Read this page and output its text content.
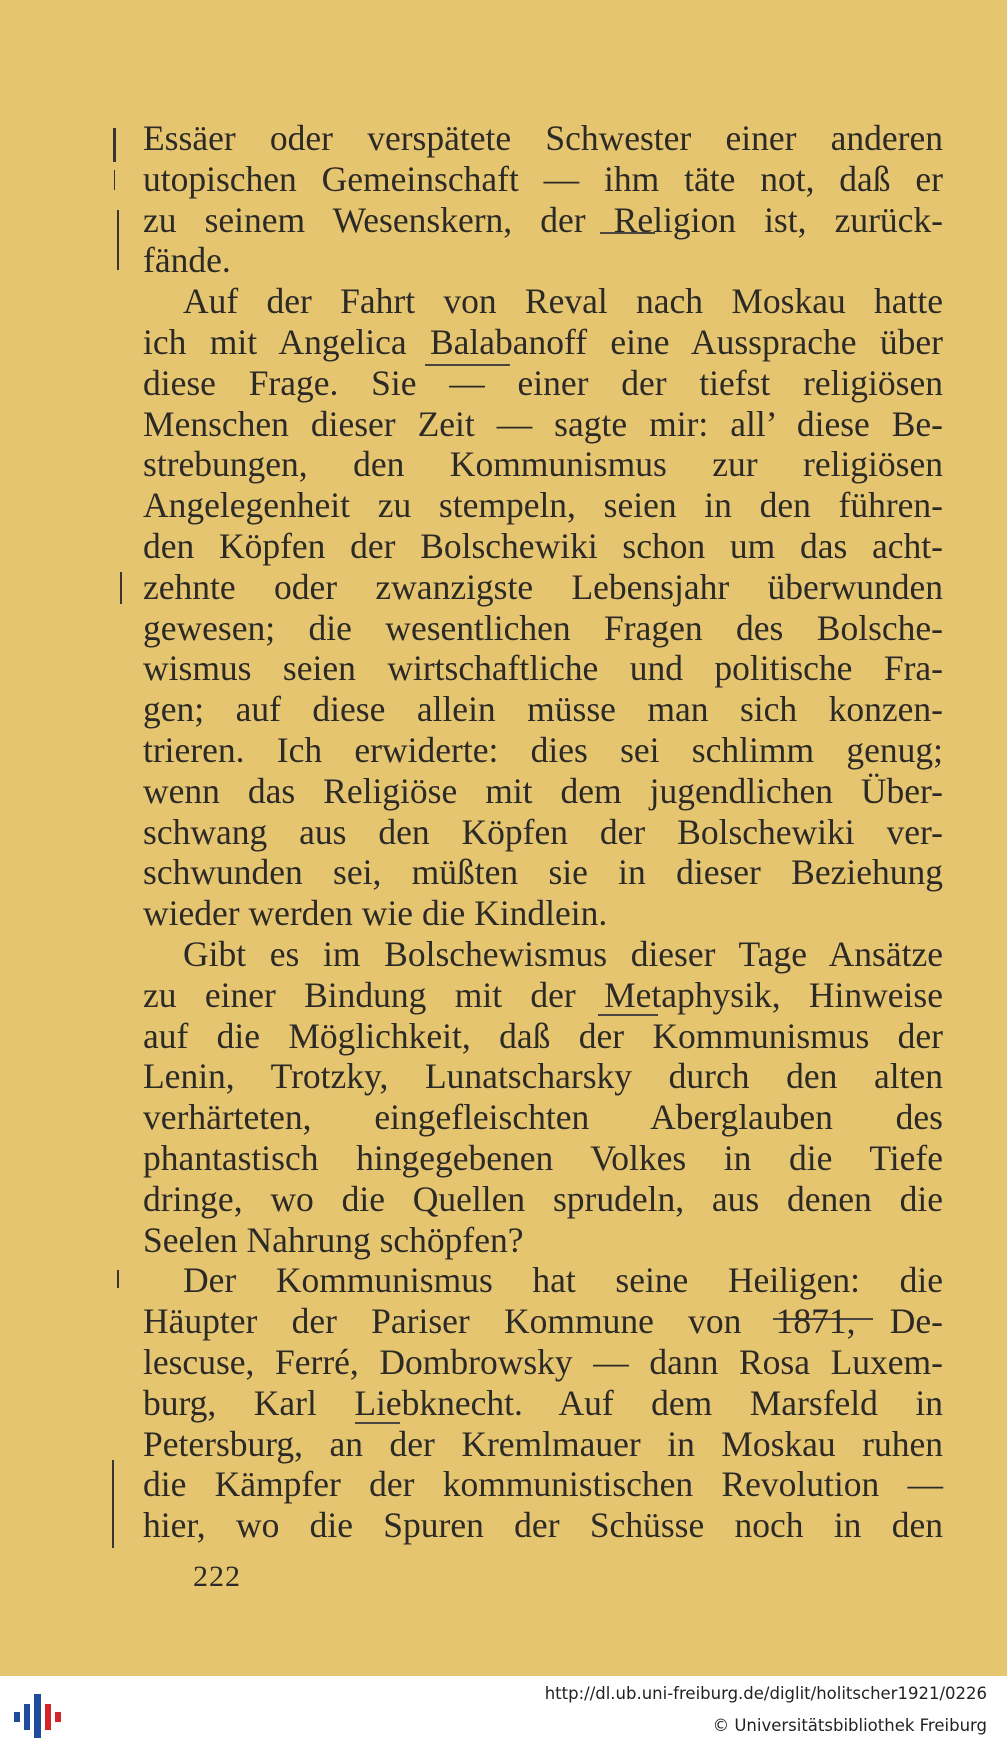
Essäer oder verspätete Schwester einer anderen
utopischen Gemeinschaft — ihm täte not, daß er
zu seinem Wesenskern, der Religion ist, zurück-
fände.
Auf der Fahrt von Reval nach Moskau hatte
ich mit Angelica Balabanoff eine Aussprache über
diese Frage. Sie — einer der tiefst religiösen
Menschen dieser Zeit — sagte mir: all’ diese Be-
strebungen, den Kommunismus zur religiösen
Angelegenheit zu stempeln, seien in den führen-
den Köpfen der Bolschewiki schon um das acht-
zehnte oder zwanzigste Lebensjahr überwunden
gewesen; die wesentlichen Fragen des Bolsche-
wismus seien wirtschaftliche und politische Fra-
gen; auf diese allein müsse man sich konzen-
trieren. Ich erwiderte: dies sei schlimm genug;
wenn das Religiöse mit dem jugendlichen Über-
schwang aus den Köpfen der Bolschewiki ver-
schwunden sei, müßten sie in dieser Beziehung
wieder werden wie die Kindlein.
Gibt es im Bolschewismus dieser Tage Ansätze
zu einer Bindung mit der Metaphysik, Hinweise
auf die Möglichkeit, daß der Kommunismus der
Lenin, Trotzky, Lunatscharsky durch den alten
verhärteten, eingefleischten Aberglauben des
phantastisch hingegebenen Volkes in die Tiefe
dringe, wo die Quellen sprudeln, aus denen die
Seelen Nahrung schöpfen?
Der Kommunismus hat seine Heiligen: die
Häupter der Pariser Kommune von 1871, De-
lescuse, Ferré, Dombrowsky — dann Rosa Luxem-
burg, Karl Liebknecht. Auf dem Marsfeld in
Petersburg, an der Kremlmauer in Moskau ruhen
die Kämpfer der kommunistischen Revolution —
hier, wo die Spuren der Schüsse noch in den
222
http://dl.ub.uni-freiburg.de/diglit/holitscher1921/0226
© Universitätsbibliothek Freiburg
